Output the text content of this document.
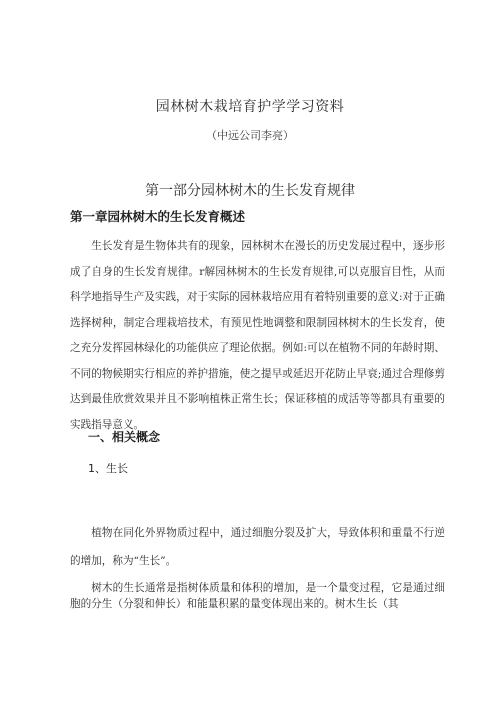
园林树木栽培育护学学习资料
（中远公司李亮）
第一部分园林树木的生长发育规律
第一章园林树木的生长发育概述

生长发育是生物体共有的现象，园林树木在漫长的历史发展过程中，逐步形成了自身的生长发育规律。r解园林树木的生长发育规律,可以克服盲目性，从而科学地指导生产及实践，对于实际的园林栽培应用有着特别重要的意义:对于正确选择树种，制定合理栽培技术，有预见性地调整和限制园林树木的生长发育，使之充分发挥园林绿化的功能供应了理论依据。例如:可以在植物不同的年龄时期、不同的物候期实行相应的养护措施，使之提早或延迟开花防止早衰;通过合理修剪达到最佳欣赏效果并且不影响植株正常生长；保证移植的成活等等都具有重要的实践指导意义。

一、相关概念
1、生长

植物在同化外界物质过程中，通过细胞分裂及扩大，导致体积和重量不行逆的增加，称为“生长”。

树木的生长通常是指树体质量和体积的增加，是一个量变过程，它是通过细胞的分生（分裂和伸长）和能量积累的量变体现出来的。树木生长（其
